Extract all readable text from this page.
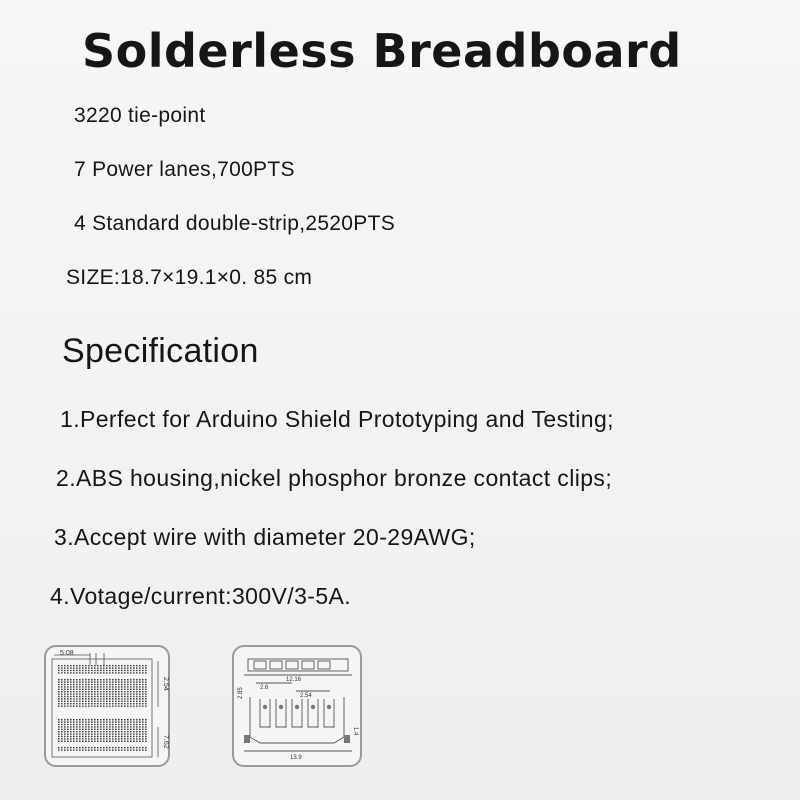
Solderless Breadboard
3220 tie-point
7 Power lanes,700PTS
4 Standard double-strip,2520PTS
SIZE:18.7×19.1×0. 85 cm
Specification
1.Perfect for Arduino Shield Prototyping and Testing;
2.ABS housing,nickel phosphor bronze contact clips;
3.Accept wire with diameter 20-29AWG;
4.Votage/current:300V/3-5A.
5.08
2.54
7.62
2.85
12.16
2.6
2.54
1.4
13.9
